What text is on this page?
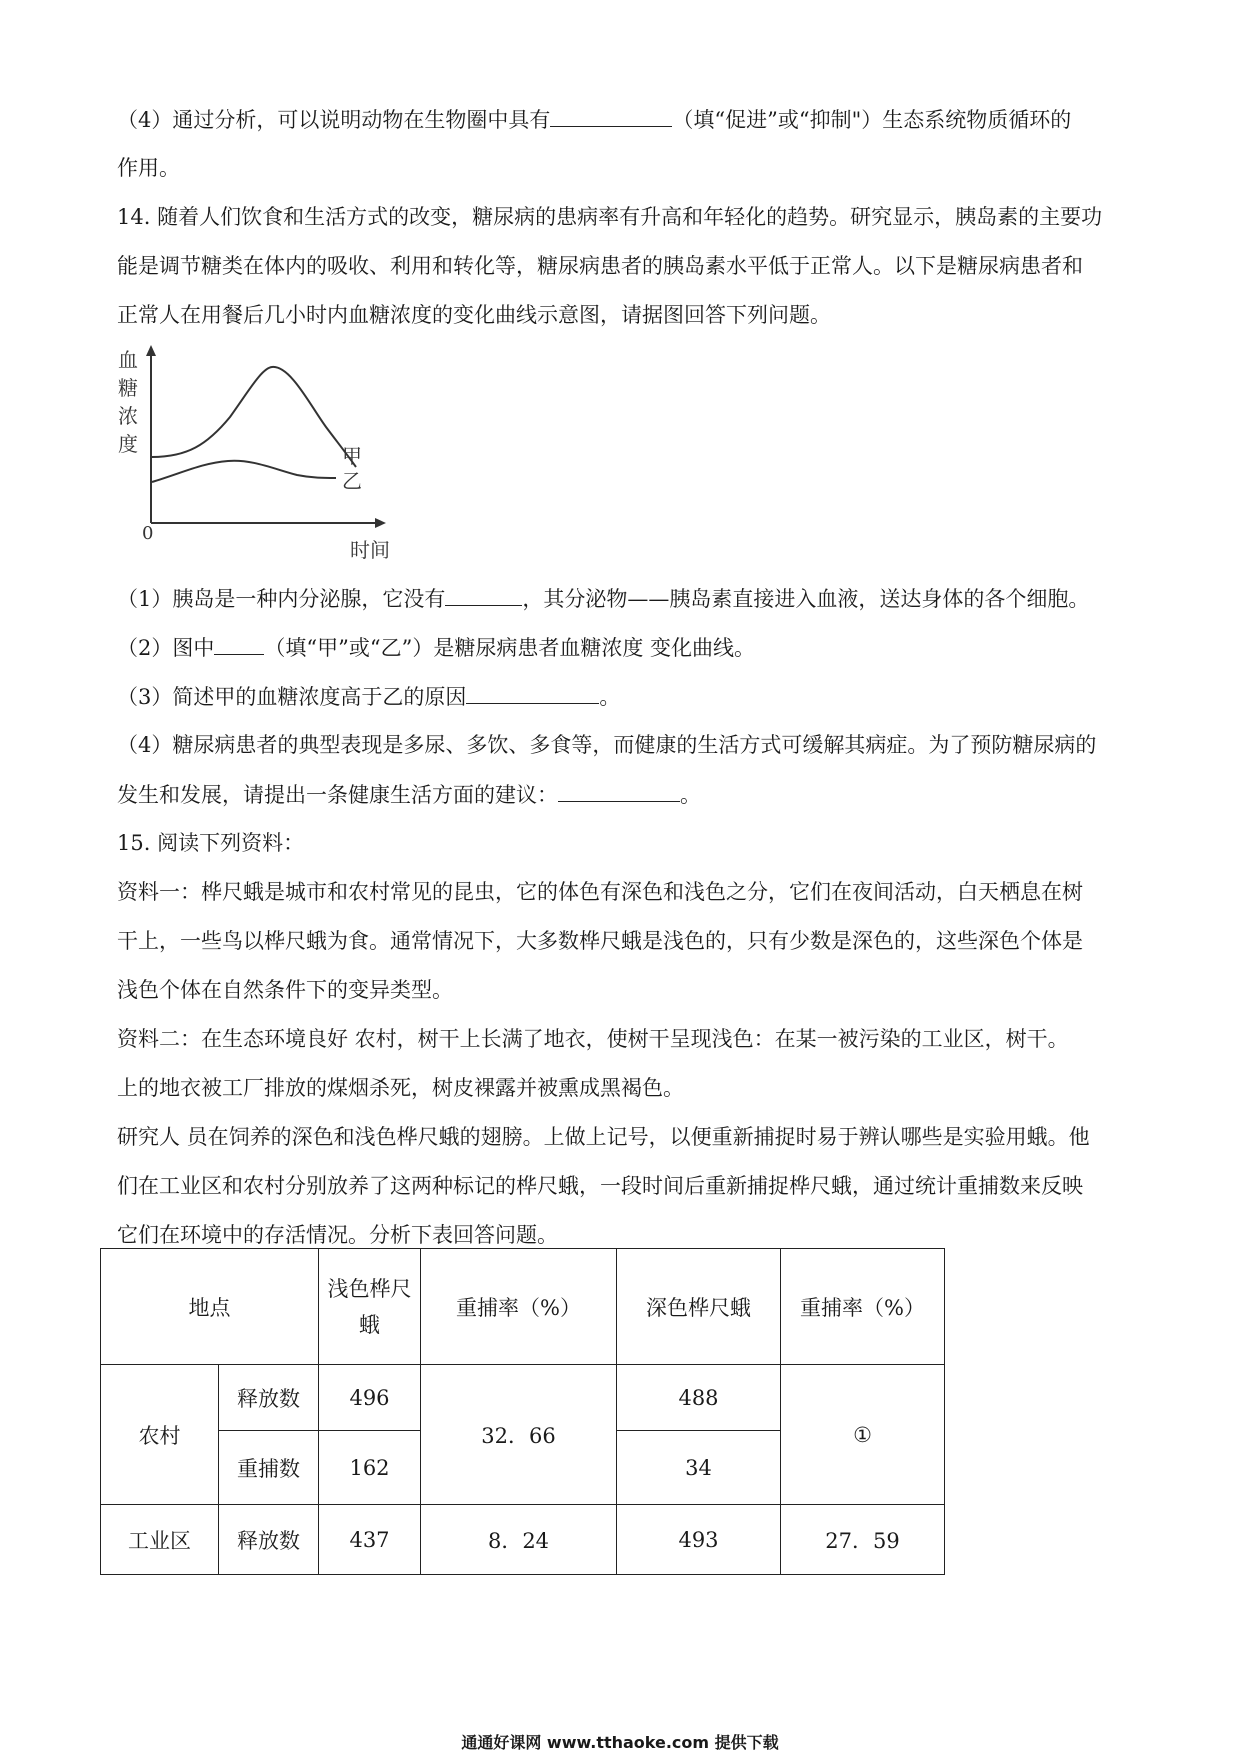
（4）通过分析，可以说明动物在生物圈中具有	（填“促进”或“抑制"）生态系统物质循环的
作用。
14. 随着人们饮食和生活方式的改变，糖尿病的患病率有升高和年轻化的趋势。研究显示，胰岛素的主要功
能是调节糖类在体内的吸收、利用和转化等，糖尿病患者的胰岛素水平低于正常人。以下是糖尿病患者和
正常人在用餐后几小时内血糖浓度的变化曲线示意图，请据图回答下列问题。
血
糖
浓
度
0
时间
甲
乙
（1）胰岛是一种内分泌腺，它没有	，其分泌物——胰岛素直接进入血液，送达身体的各个细胞。
（2）图中 （填“甲”或“乙”）是糖尿病患者血糖浓度 变化曲线。
（3）简述甲的血糖浓度高于乙的原因	。
（4）糖尿病患者的典型表现是多尿、多饮、多食等，而健康的生活方式可缓解其病症。为了预防糖尿病的
发生和发展，请提出一条健康生活方面的建议：	。
15. 阅读下列资料：
资料一：桦尺蛾是城市和农村常见的昆虫，它的体色有深色和浅色之分，它们在夜间活动，白天栖息在树
干上，一些鸟以桦尺蛾为食。通常情况下，大多数桦尺蛾是浅色的，只有少数是深色的，这些深色个体是
浅色个体在自然条件下的变异类型。
资料二：在生态环境良好 农村，树干上长满了地衣，使树干呈现浅色：在某一被污染的工业区，树干。
上的地衣被工厂排放的煤烟杀死，树皮裸露并被熏成黑褐色。
研究人 员在饲养的深色和浅色桦尺蛾的翅膀。上做上记号，以便重新捕捉时易于辨认哪些是实验用蛾。他
们在工业区和农村分别放养了这两种标记的桦尺蛾，一段时间后重新捕捉桦尺蛾，通过统计重捕数来反映
它们在环境中的存活情况。分析下表回答问题。
地点		浅色桦尺
蛾	重捕率（%）	深色桦尺蛾	重捕率（%）
农村	释放数	496	32．66	488	①
	重捕数	162		34	
工业区	释放数	437	8．24	493	27．59
通通好课网 www.tthaoke.com 提供下载
